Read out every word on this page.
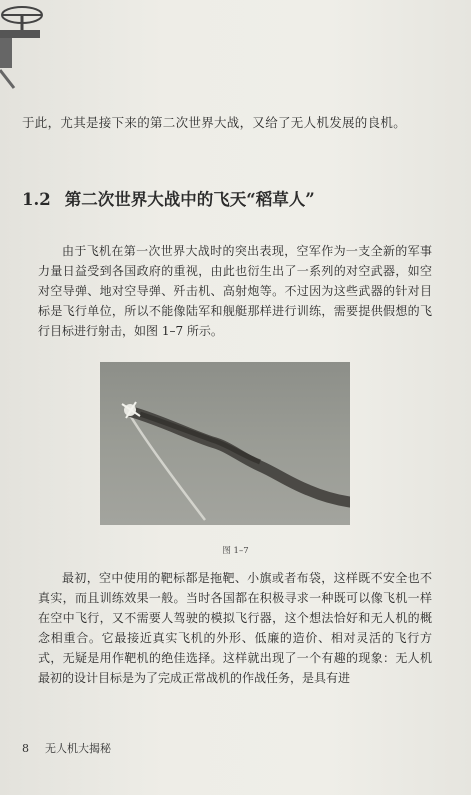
于此，尤其是接下来的第二次世界大战，又给了无人机发展的良机。
1.2 第二次世界大战中的飞天“稻草人”
由于飞机在第一次世界大战时的突出表现，空军作为一支全新的军事力量日益受到各国政府的重视，由此也衍生出了一系列的对空武器，如空对空导弹、地对空导弹、歼击机、高射炮等。不过因为这些武器的针对目标是飞行单位，所以不能像陆军和舰艇那样进行训练，需要提供假想的飞行目标进行射击，如图 1–7 所示。
图 1–7
最初，空中使用的靶标都是拖靶、小旗或者布袋，这样既不安全也不真实，而且训练效果一般。当时各国都在积极寻求一种既可以像飞机一样在空中飞行，又不需要人驾驶的模拟飞行器，这个想法恰好和无人机的概念相重合。它最接近真实飞机的外形、低廉的造价、相对灵活的飞行方式，无疑是用作靶机的绝佳选择。这样就出现了一个有趣的现象：无人机最初的设计目标是为了完成正常战机的作战任务，是具有进
8 无人机大揭秘
